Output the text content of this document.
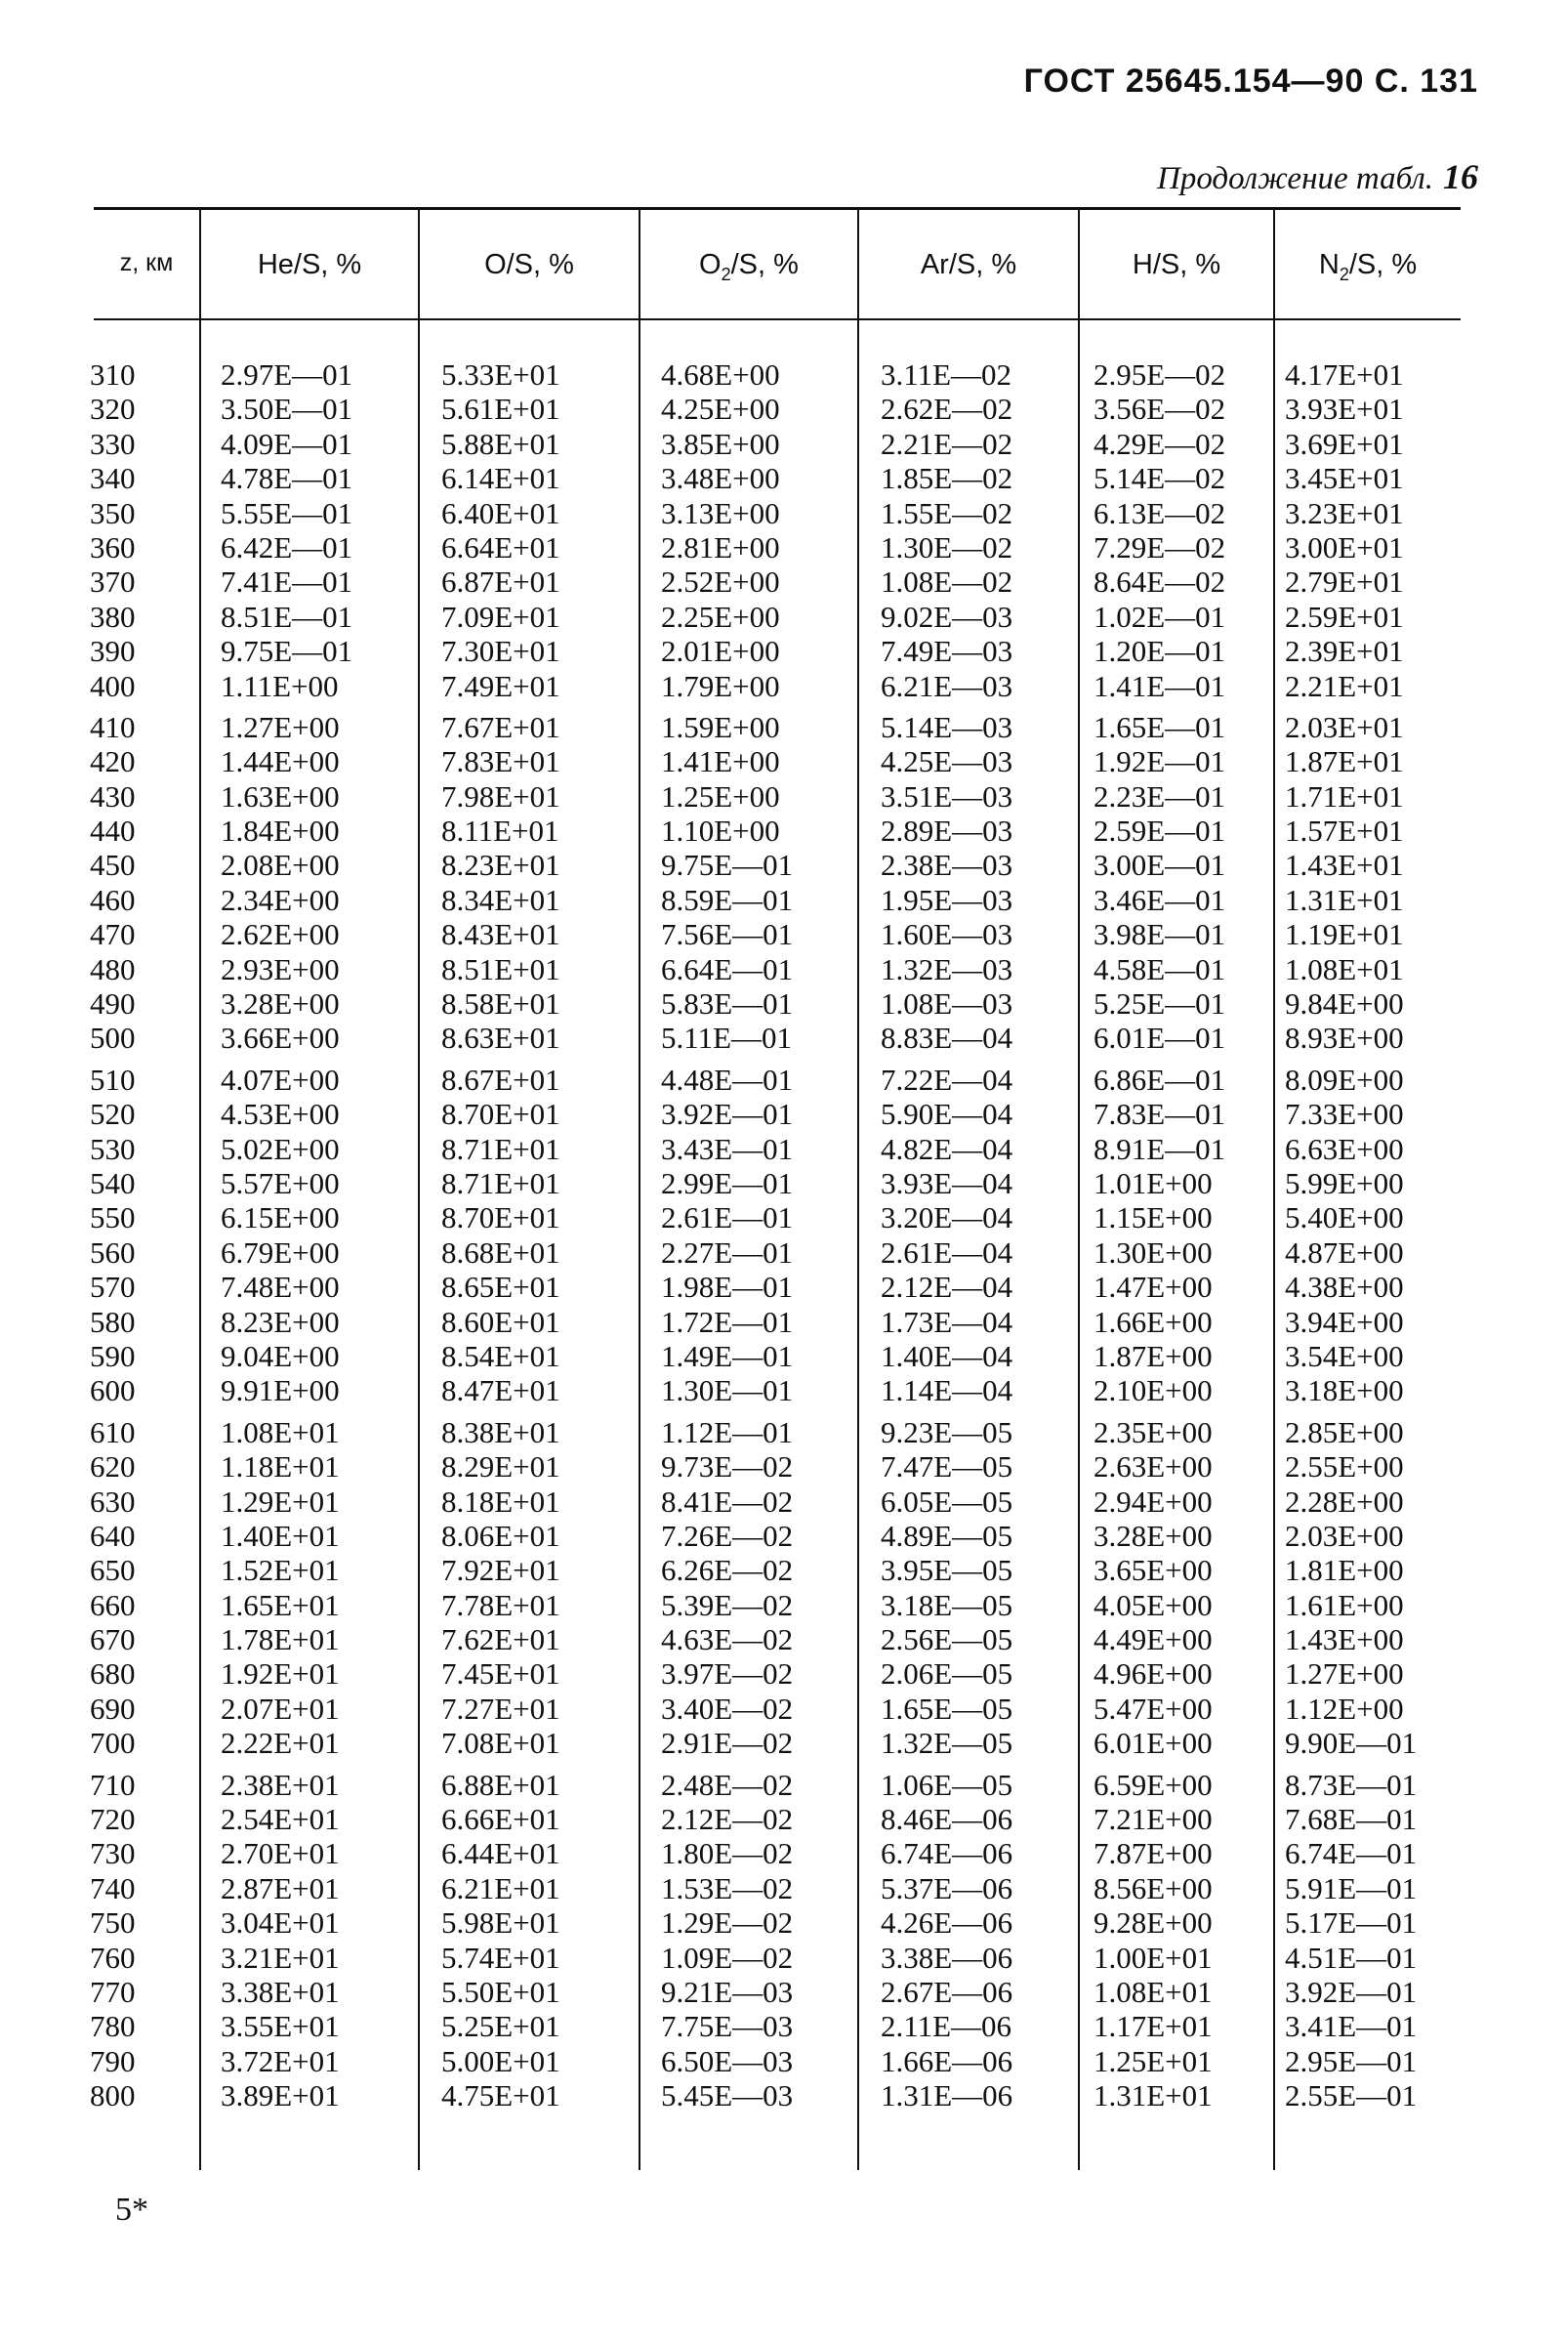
ГОСТ 25645.154—90 С. 131
Продолжение табл. 16
z, км	He/S, %	O/S, %	$O_2/S$, %	Ar/S, %	H/S, %	$N_2/S$, %
310	2.97E—01	5.33E+01	4.68E+00	3.11E—02	2.95E—02 4.17E+01
320	3.50E—01	5.61E+01	4.25E+00	2.62E—02	3.56E—02 3.93E+01
330	4.09E—01	5.88E+01	3.85E+00	2.21E—02	4.29E—02 3.69E+01
340	4.78E—01	6.14E+01	3.48E+00	1.85E—02	5.14E—02 3.45E+01
350	5.55E—01	6.40E+01	3.13E+00	1.55E—02	6.13E—02 3.23E+01
360	6.42E—01	6.64E+01	2.81E+00	1.30E—02	7.29E—02 3.00E+01
370	7.41E—01	6.87E+01	2.52E+00	1.08E—02	8.64E—02 2.79E+01
380	8.51E—01	7.09E+01	2.25E+00	9.02E—03	1.02E—01 2.59E+01
390	9.75E—01	7.30E+01	2.01E+00	7.49E—03	1.20E—01 2.39E+01
400	1.11E+00	7.49E+01	1.79E+00	6.21E—03	1.41E—01 2.21E+01
410	1.27E+00	7.67E+01	1.59E+00	5.14E—03	1.65E—01 2.03E+01
420	1.44E+00	7.83E+01	1.41E+00	4.25E—03	1.92E—01 1.87E+01
430	1.63E+00	7.98E+01	1.25E+00	3.51E—03	2.23E—01 1.71E+01
440	1.84E+00	8.11E+01	1.10E+00	2.89E—03	2.59E—01 1.57E+01
450	2.08E+00	8.23E+01	9.75E—01	2.38E—03	3.00E—01 1.43E+01
460	2.34E+00	8.34E+01	8.59E—01	1.95E—03	3.46E—01 1.31E+01
470	2.62E+00	8.43E+01	7.56E—01	1.60E—03	3.98E—01 1.19E+01
480	2.93E+00	8.51E+01	6.64E—01	1.32E—03	4.58E—01 1.08E+01
490	3.28E+00	8.58E+01	5.83E—01	1.08E—03	5.25E—01 9.84E+00
500	3.66E+00	8.63E+01	5.11E—01	8.83E—04	6.01E—01 8.93E+00
510	4.07E+00	8.67E+01	4.48E—01	7.22E—04	6.86E—01 8.09E+00
520	4.53E+00	8.70E+01	3.92E—01	5.90E—04	7.83E—01 7.33E+00
530	5.02E+00	8.71E+01	3.43E—01	4.82E—04	8.91E—01 6.63E+00
540	5.57E+00	8.71E+01	2.99E—01	3.93E—04	1.01E+00 5.99E+00
550	6.15E+00	8.70E+01	2.61E—01	3.20E—04	1.15E+00 5.40E+00
560	6.79E+00	8.68E+01	2.27E—01	2.61E—04	1.30E+00 4.87E+00
570	7.48E+00	8.65E+01	1.98E—01	2.12E—04	1.47E+00 4.38E+00
580	8.23E+00	8.60E+01	1.72E—01	1.73E—04	1.66E+00 3.94E+00
590	9.04E+00	8.54E+01	1.49E—01	1.40E—04	1.87E+00 3.54E+00
600	9.91E+00	8.47E+01	1.30E—01	1.14E—04	2.10E+00 3.18E+00
610	1.08E+01	8.38E+01	1.12E—01	9.23E—05	2.35E+00 2.85E+00
620	1.18E+01	8.29E+01	9.73E—02	7.47E—05	2.63E+00 2.55E+00
630	1.29E+01	8.18E+01	8.41E—02	6.05E—05	2.94E+00 2.28E+00
640	1.40E+01	8.06E+01	7.26E—02	4.89E—05	3.28E+00 2.03E+00
650	1.52E+01	7.92E+01	6.26E—02	3.95E—05	3.65E+00 1.81E+00
660	1.65E+01	7.78E+01	5.39E—02	3.18E—05	4.05E+00 1.61E+00
670	1.78E+01	7.62E+01	4.63E—02	2.56E—05	4.49E+00 1.43E+00
680	1.92E+01	7.45E+01	3.97E—02	2.06E—05	4.96E+00 1.27E+00
690	2.07E+01	7.27E+01	3.40E—02	1.65E—05	5.47E+00 1.12E+00
700	2.22E+01	7.08E+01	2.91E—02	1.32E—05	6.01E+00 9.90E—01
710	2.38E+01	6.88E+01	2.48E—02	1.06E—05	6.59E+00 8.73E—01
720	2.54E+01	6.66E+01	2.12E—02	8.46E—06	7.21E+00 7.68E—01
730	2.70E+01	6.44E+01	1.80E—02	6.74E—06	7.87E+00 6.74E—01
740	2.87E+01	6.21E+01	1.53E—02	5.37E—06	8.56E+00 5.91E—01
750	3.04E+01	5.98E+01	1.29E—02	4.26E—06	9.28E+00 5.17E—01
760	3.21E+01	5.74E+01	1.09E—02	3.38E—06	1.00E+01 4.51E—01
770	3.38E+01	5.50E+01	9.21E—03	2.67E—06	1.08E+01 3.92E—01
780	3.55E+01	5.25E+01	7.75E—03	2.11E—06	1.17E+01 3.41E—01
790	3.72E+01	5.00E+01	6.50E—03	1.66E—06	1.25E+01 2.95E—01
800	3.89E+01	4.75E+01	5.45E—03	1.31E—06	1.31E+01 2.55E—01
5*
